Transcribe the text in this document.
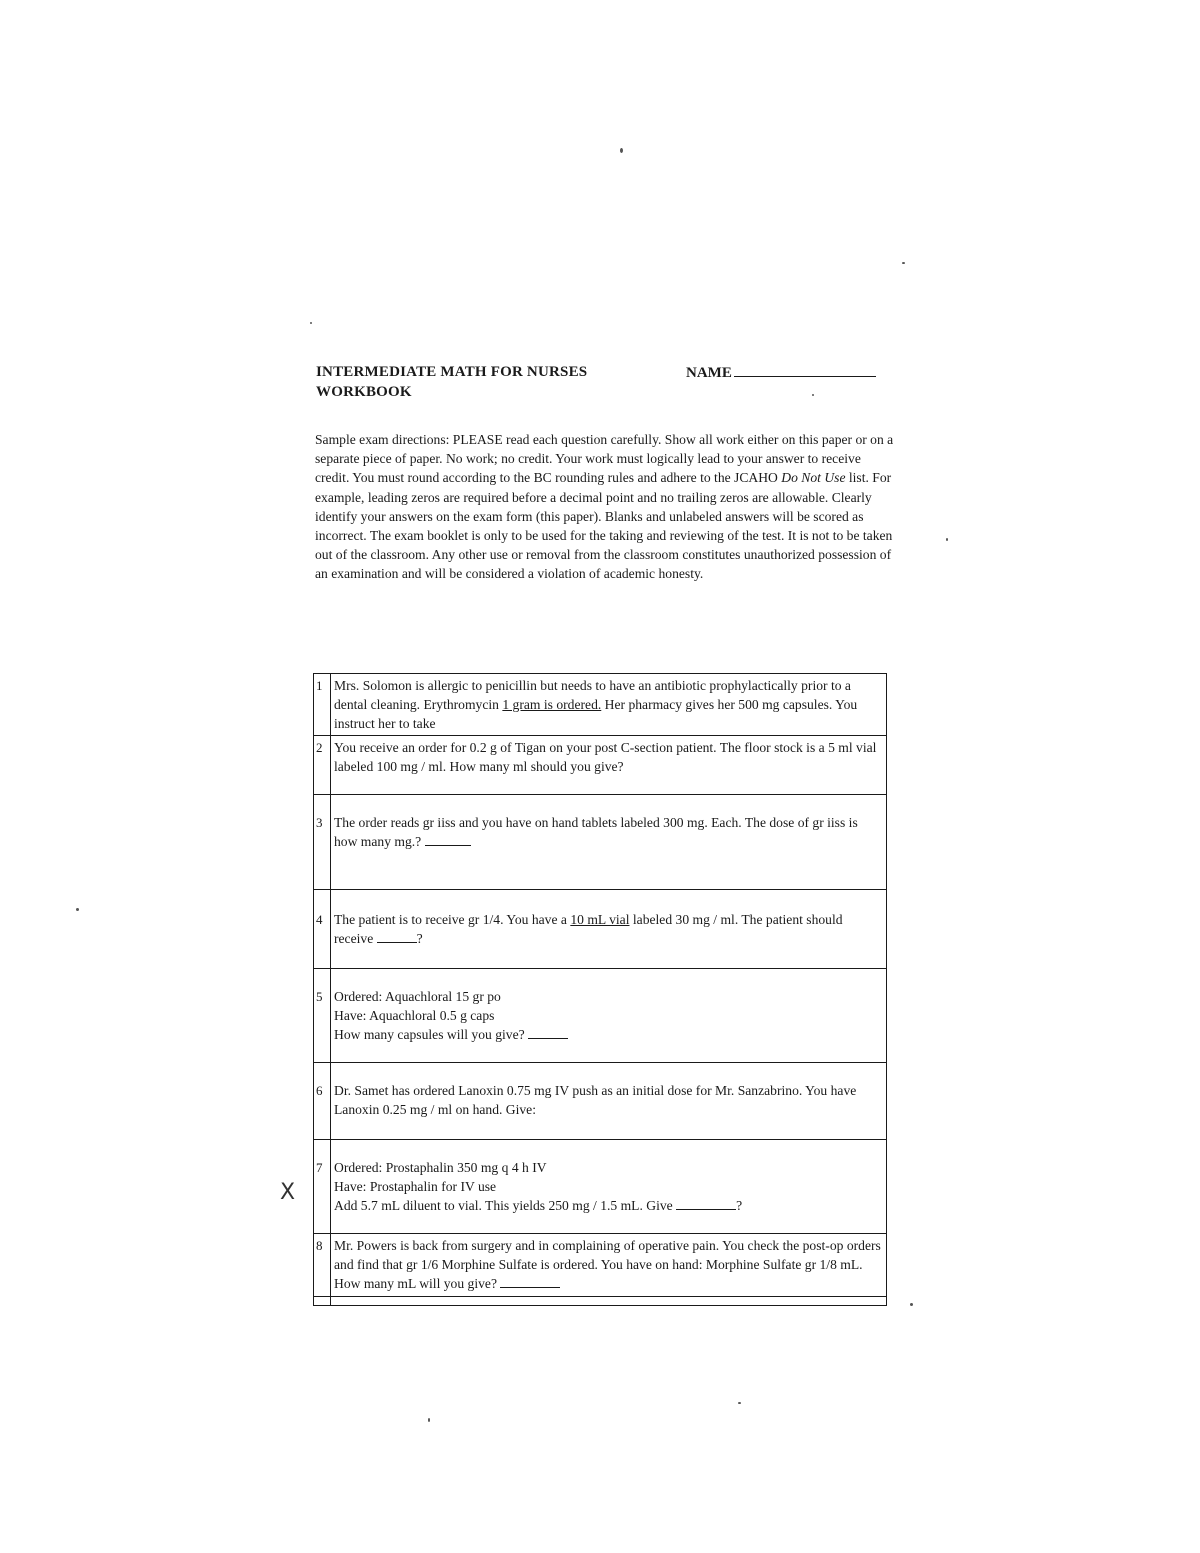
INTERMEDIATE MATH FOR NURSES
WORKBOOK
NAME
Sample exam directions: PLEASE read each question carefully. Show all work either on this paper or on a separate piece of paper. No work; no credit. Your work must logically lead to your answer to receive credit. You must round according to the BC rounding rules and adhere to the JCAHO Do Not Use list. For example, leading zeros are required before a decimal point and no trailing zeros are allowable. Clearly identify your answers on the exam form (this paper). Blanks and unlabeled answers will be scored as incorrect. The exam booklet is only to be used for the taking and reviewing of the test. It is not to be taken out of the classroom. Any other use or removal from the classroom constitutes unauthorized possession of an examination and will be considered a violation of academic honesty.
1	Mrs. Solomon is allergic to penicillin but needs to have an antibiotic prophylactically prior to a dental cleaning. Erythromycin 1 gram is ordered. Her pharmacy gives her 500 mg capsules. You instruct her to take
2	You receive an order for 0.2 g of Tigan on your post C-section patient. The floor stock is a 5 ml vial labeled 100 mg / ml. How many ml should you give?
3	The order reads gr iiss and you have on hand tablets labeled 300 mg. Each. The dose of gr iiss is how many mg.?
4	The patient is to receive gr 1/4. You have a 10 mL vial labeled 30 mg / ml. The patient should receive ?
5	Ordered: Aquachloral 15 gr po
Have: Aquachloral 0.5 g caps
How many capsules will you give?

6	Dr. Samet has ordered Lanoxin 0.75 mg IV push as an initial dose for Mr. Sanzabrino. You have Lanoxin 0.25 mg / ml on hand. Give:
7	Ordered: Prostaphalin 350 mg q 4 h IV
Have: Prostaphalin for IV use
Add 5.7 mL diluent to vial. This yields 250 mg / 1.5 mL. Give ?

8	Mr. Powers is back from surgery and in complaining of operative pain. You check the post-op orders and find that gr 1/6 Morphine Sulfate is ordered. You have on hand: Morphine Sulfate gr 1/8 mL. How many mL will you give?

X
